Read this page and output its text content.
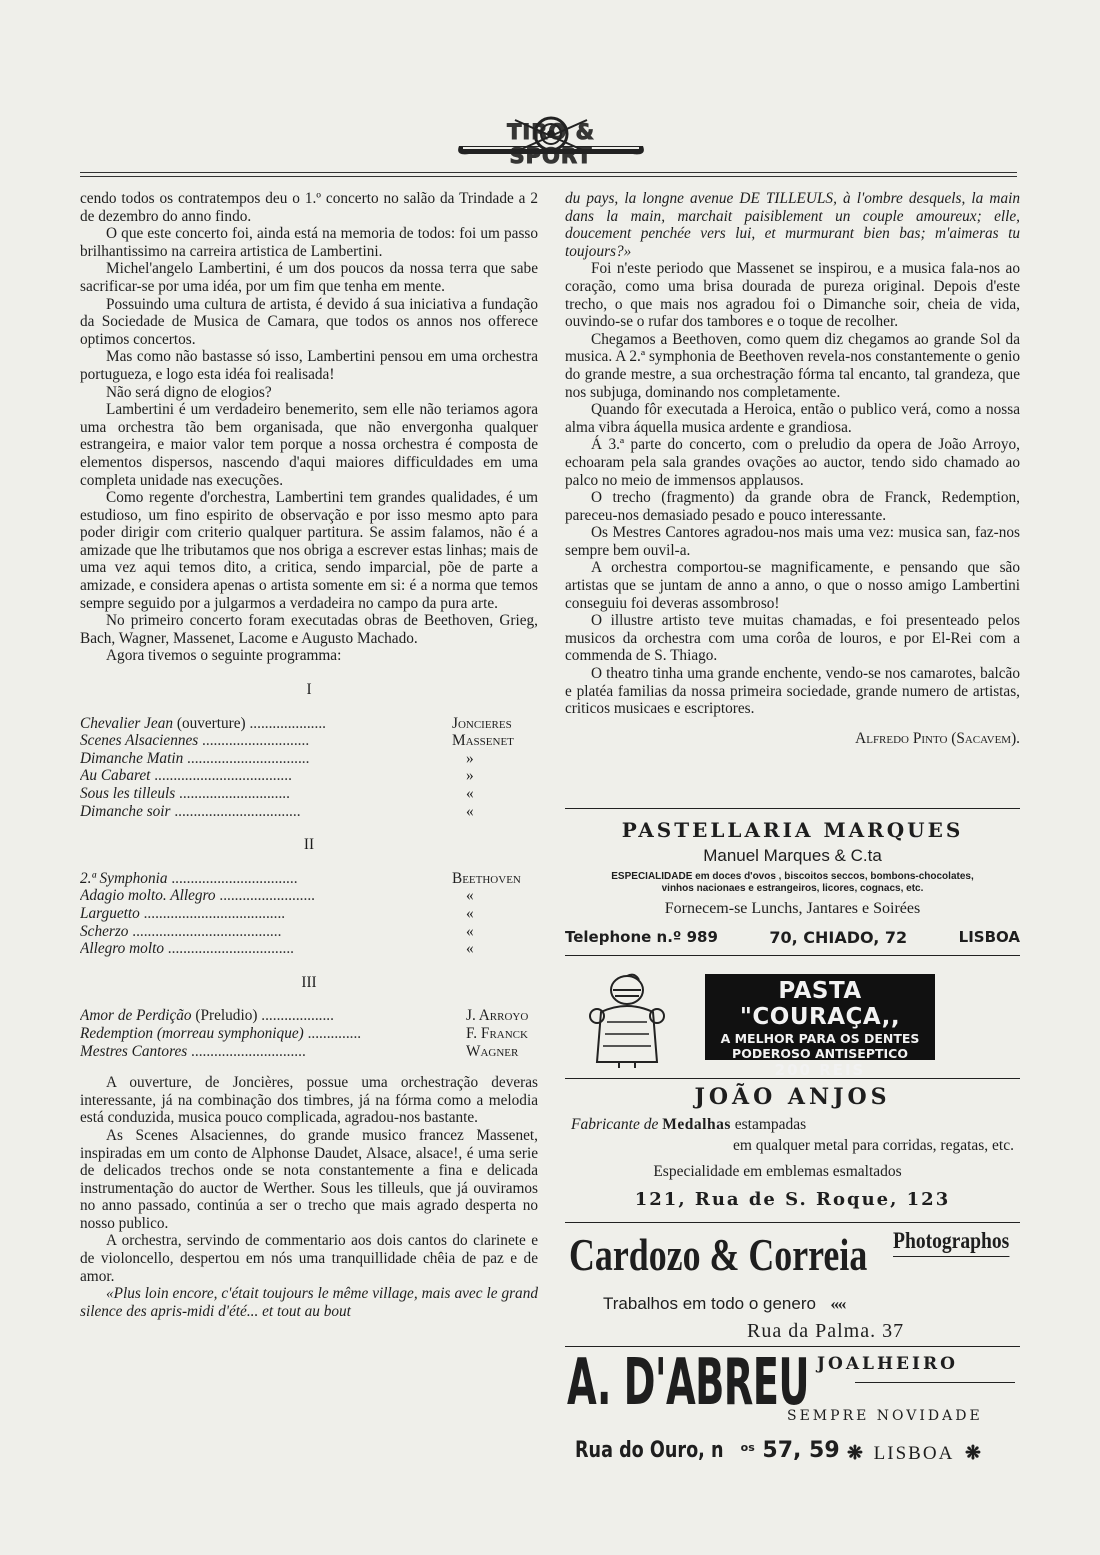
TIRO & SPORT

cendo todos os contratempos deu o 1.º concerto no salão da Trindade a 2 de dezembro do anno findo.

O que este concerto foi, ainda está na memoria de todos: foi um passo brilhantissimo na carreira artistica de Lambertini.

Michel'angelo Lambertini, é um dos poucos da nossa terra que sabe sacrificar-se por uma idéa, por um fim que tenha em mente.

Possuindo uma cultura de artista, é devido á sua iniciativa a fundação da Sociedade de Musica de Camara, que todos os annos nos offerece optimos concertos.

Mas como não bastasse só isso, Lambertini pensou em uma orchestra portugueza, e logo esta idéa foi realisada!

Não será digno de elogios?

Lambertini é um verdadeiro benemerito, sem elle não teriamos agora uma orchestra tão bem organisada, que não envergonha qualquer estrangeira, e maior valor tem porque a nossa orchestra é composta de elementos dispersos, nascendo d'aqui maiores difficuldades em uma completa unidade nas execuções.

Como regente d'orchestra, Lambertini tem grandes qualidades, é um estudioso, um fino espirito de observação e por isso mesmo apto para poder dirigir com criterio qualquer partitura. Se assim falamos, não é a amizade que lhe tributamos que nos obriga a escrever estas linhas; mais de uma vez aqui temos dito, a critica, sendo imparcial, põe de parte a amizade, e considera apenas o artista somente em si: é a norma que temos sempre seguido por a julgarmos a verdadeira no campo da pura arte.

No primeiro concerto foram executadas obras de Beethoven, Grieg, Bach, Wagner, Massenet, Lacome e Augusto Machado.

Agora tivemos o seguinte programma:

I
Chevalier Jean (ouverture) ....................	Joncieres
Scenes Alsaciennes ............................	Massenet
Dimanche Matin ................................	»
Au Cabaret ....................................	»
Sous les tilleuls .............................	«
Dimanche soir .................................	«
II
2.ª Symphonia .................................	Beethoven
Adagio molto. Allegro .........................	«
Larguetto .....................................	«
Scherzo .......................................	«
Allegro molto .................................	«
III
Amor de Perdição (Preludio) ...................	J. Arroyo
Redemption (morreau symphonique) ..............	F. Franck
Mestres Cantores ..............................	Wagner

A ouverture, de Joncières, possue uma orchestração deveras interessante, já na combinação dos timbres, já na fórma como a melodia está conduzida, musica pouco complicada, agradou-nos bastante.

As Scenes Alsaciennes, do grande musico francez Massenet, inspiradas em um conto de Alphonse Daudet, Alsace, alsace!, é uma serie de delicados trechos onde se nota constantemente a fina e delicada instrumentação do auctor de Werther. Sous les tilleuls, que já ouviramos no anno passado, continúa a ser o trecho que mais agrado desperta no nosso publico.

A orchestra, servindo de commentario aos dois cantos do clarinete e de violoncello, despertou em nós uma tranquillidade chêia de paz e de amor.

«Plus loin encore, c'était toujours le même village, mais avec le grand silence des apris-midi d'été... et tout au bout

du pays, la longne avenue DE TILLEULS, à l'ombre desquels, la main dans la main, marchait paisiblement un couple amoureux; elle, doucement penchée vers lui, et murmurant bien bas; m'aimeras tu toujours?»

Foi n'este periodo que Massenet se inspirou, e a musica fala-nos ao coração, como uma brisa dourada de pureza original. Depois d'este trecho, o que mais nos agradou foi o Dimanche soir, cheia de vida, ouvindo-se o rufar dos tambores e o toque de recolher.

Chegamos a Beethoven, como quem diz chegamos ao grande Sol da musica. A 2.ª symphonia de Beethoven revela-nos constantemente o genio do grande mestre, a sua orchestração fórma tal encanto, tal grandeza, que nos subjuga, dominando nos completamente.

Quando fôr executada a Heroica, então o publico verá, como a nossa alma vibra áquella musica ardente e grandiosa.

Á 3.ª parte do concerto, com o preludio da opera de João Arroyo, echoaram pela sala grandes ovações ao auctor, tendo sido chamado ao palco no meio de immensos applausos.

O trecho (fragmento) da grande obra de Franck, Redemption, pareceu-nos demasiado pesado e pouco interessante.

Os Mestres Cantores agradou-nos mais uma vez: musica san, faz-nos sempre bem ouvil-a.

A orchestra comportou-se magnificamente, e pensando que são artistas que se juntam de anno a anno, o que o nosso amigo Lambertini conseguiu foi deveras assombroso!

O illustre artisto teve muitas chamadas, e foi presenteado pelos musicos da orchestra com uma corôa de louros, e por El-Rei com a commenda de S. Thiago.

O theatro tinha uma grande enchente, vendo-se nos camarotes, balcão e platéa familias da nossa primeira sociedade, grande numero de artistas, criticos musicaes e escriptores.

Alfredo Pinto (Sacavem).

PASTELLARIA MARQUES
Manuel Marques & C.ta
ESPECIALIDADE em doces d'ovos , biscoitos seccos, bombons-chocolates,
vinhos nacionaes e estrangeiros, licores, cognacs, etc.
Fornecem-se Lunchs, Jantares e Soirées
Telephone n.º 989	70, CHIADO, 72	LISBOA
PASTA "COURAÇA,,
A MELHOR PARA OS DENTES
PODEROSO ANTISEPTICO
200 REIS
JOÃO ANJOS
Fabricante de Medalhas estampadas
em qualquer metal para corridas, regatas, etc.
Especialidade em emblemas esmaltados
121, Rua de S. Roque, 123
Cardozo & Correia Photographos
Trabalhos em todo o genero ‹‹‹‹
Rua da Palma. 37
A. D'ABREU JOALHEIRO
SEMPRE NOVIDADE
Rua do Ouro, n $^{os}$ 57, 59 ❋ LISBOA ❋
